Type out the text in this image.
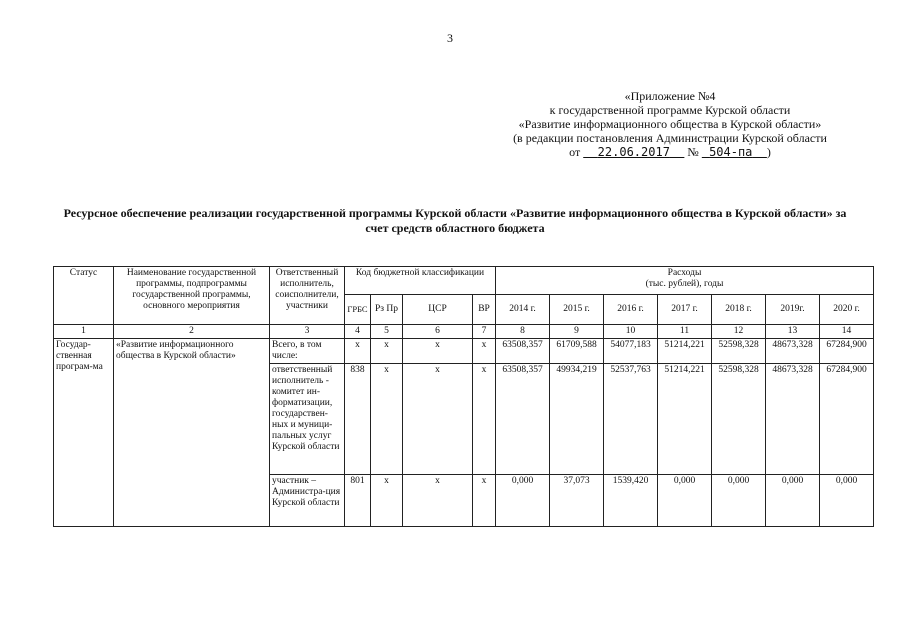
3
«Приложение №4
к государственной программе Курской области
«Развитие информационного общества в Курской области»
(в редакции постановления Администрации Курской области
от 22.06.2017 № 504-па )
Ресурсное обеспечение реализации государственной программы Курской области «Развитие информационного общества в Курской области» за счет средств областного бюджета
Статус	Наименование государственной программы, подпрограммы государственной программы, основного мероприятия	Ответственный исполнитель, соисполнители, участники	Код бюджетной классификации				Расходы
(тыс. рублей), годы						

			ГРБС	Рз Пр	ЦСР	ВР	2014 г.	2015 г.	2016 г.	2017 г.	2018 г.	2019г.	2020 г.
1	2	3	4	5	6	7	8	9	10	11	12	13	14
Государ-ственная програм-ма	«Развитие информационного общества в Курской области»	Всего, в том числе:	x	x	x	x	63508,357	61709,588	54077,183	51214,221	52598,328	48673,328	67284,900
		ответственный исполнитель - комитет ин-форматизации, государствен-ных и муници-пальных услуг Курской области	838	x	x	x	63508,357	49934,219	52537,763	51214,221	52598,328	48673,328	67284,900
		участник – Администра-ция Курской области	801	x	x	x	0,000	37,073	1539,420	0,000	0,000	0,000	0,000
